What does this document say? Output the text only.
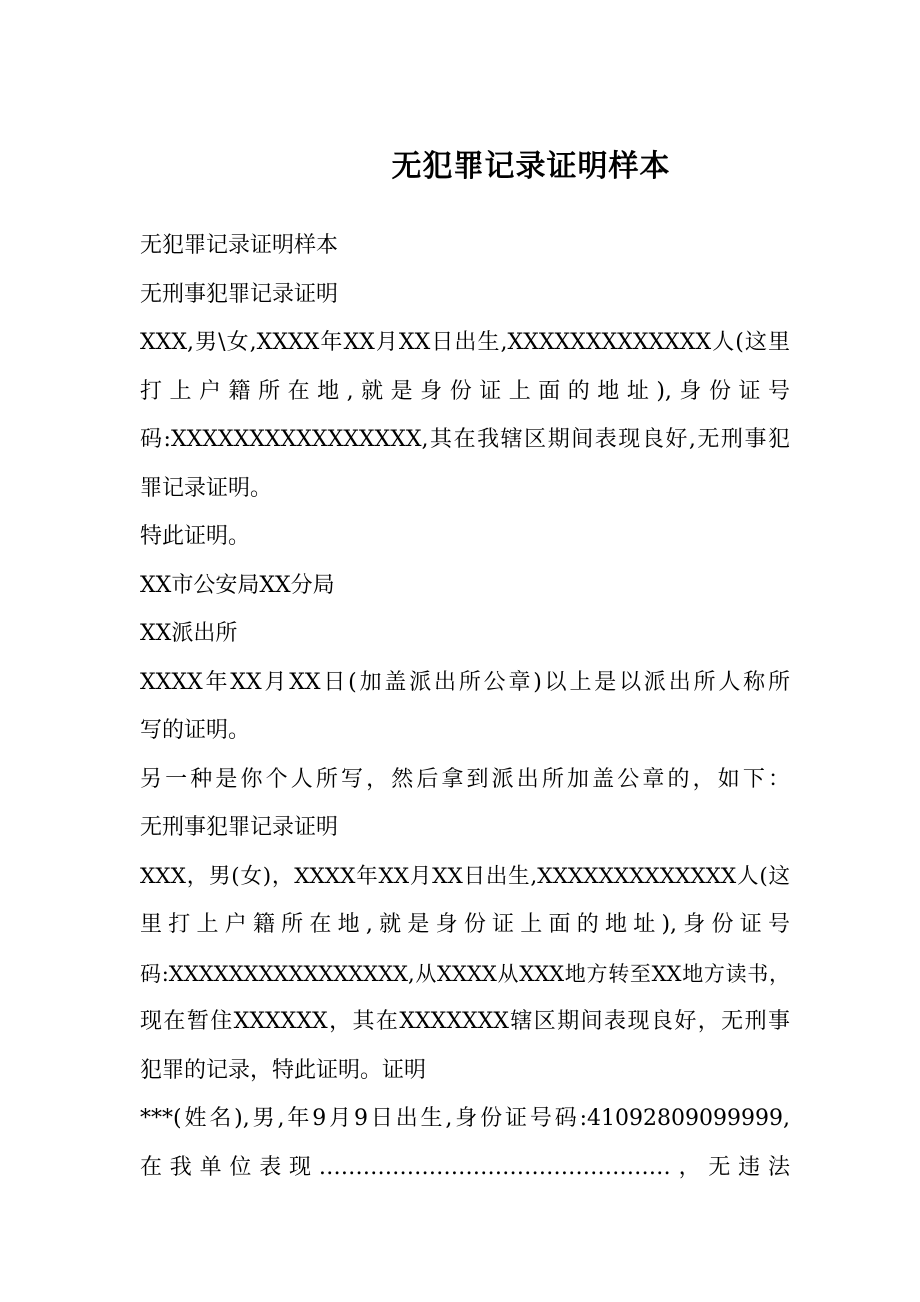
无犯罪记录证明样本
无犯罪记录证明样本
无刑事犯罪记录证明
XXX,男\女,XXXX年XX月XX日出生,XXXXXXXXXXXXX人(这里
打上户籍所在地,就是身份证上面的地址),身份证号
码:XXXXXXXXXXXXXXXX,其在我辖区期间表现良好,无刑事犯
罪记录证明。
特此证明。
XX市公安局XX分局
XX派出所
XXXX年XX月XX日(加盖派出所公章)以上是以派出所人称所
写的证明。
另一种是你个人所写，然后拿到派出所加盖公章的，如下：
无刑事犯罪记录证明
XXX，男(女)，XXXX年XX月XX日出生,XXXXXXXXXXXXX人(这
里打上户籍所在地,就是身份证上面的地址),身份证号
码:XXXXXXXXXXXXXXXX,从XXXX从XXX地方转至XX地方读书，
现在暂住XXXXXX，其在XXXXXXX辖区期间表现良好，无刑事
犯罪的记录，特此证明。证明
***(姓名),男,年9月9日出生,身份证号码:41092809099999,
在我单位表现…………………………………………，无违法
